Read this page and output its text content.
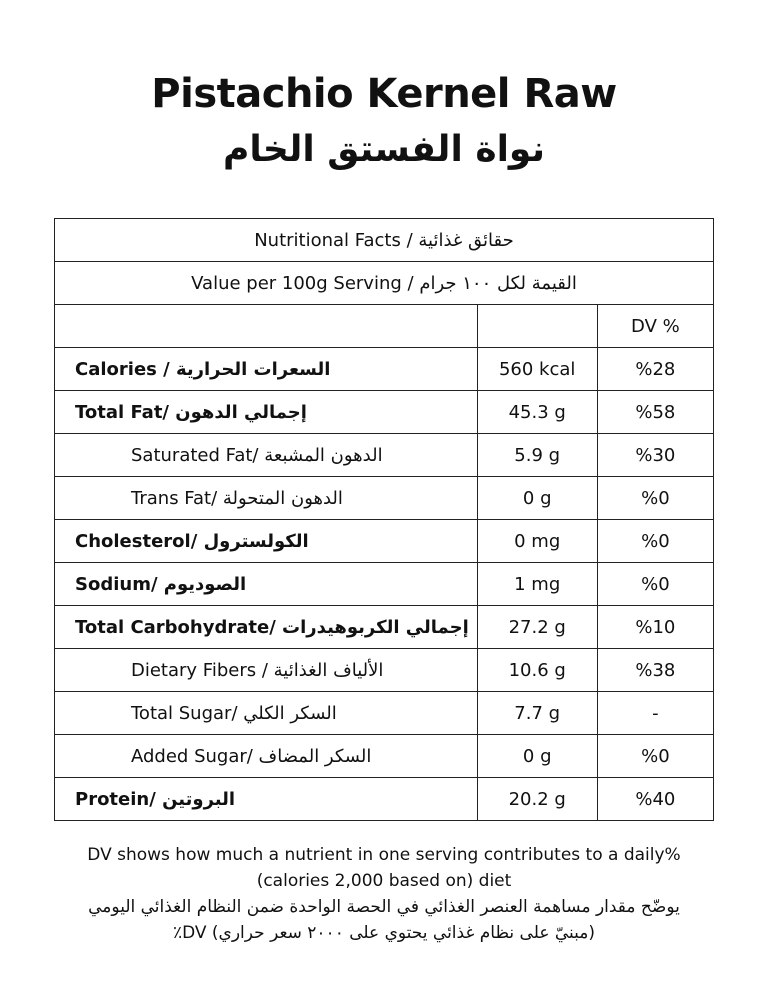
Pistachio Kernel Raw
نواة الفستق الخام
Nutritional Facts / حقائق غذائية		
Value per 100g Serving / القيمة لكل ١٠٠ جرام		
		DV %
Calories / السعرات الحرارية	560 kcal	%28
Total Fat/ إجمالي الدهون	45.3 g	%58
Saturated Fat/ الدهون المشبعة	5.9 g	%30
Trans Fat/ الدهون المتحولة	0 g	%0
Cholesterol/ الكولسترول	0 mg	%0
Sodium/ الصوديوم	1 mg	%0
Total Carbohydrate/ إجمالي الكربوهيدرات	27.2 g	%10
Dietary Fibers / الألياف الغذائية	10.6 g	%38
Total Sugar/ السكر الكلي	7.7 g	-
Added Sugar/ السكر المضاف	0 g	%0
Protein/ البروتين	20.2 g	%40
DV shows how much a nutrient in one serving contributes to a daily%
(calories 2,000 based on) diet
يوضّح مقدار مساهمة العنصر الغذائي في الحصة الواحدة ضمن النظام الغذائي اليومي
(مبنيّ على نظام غذائي يحتوي على ٢٠٠٠ سعر حراري) DV٪
